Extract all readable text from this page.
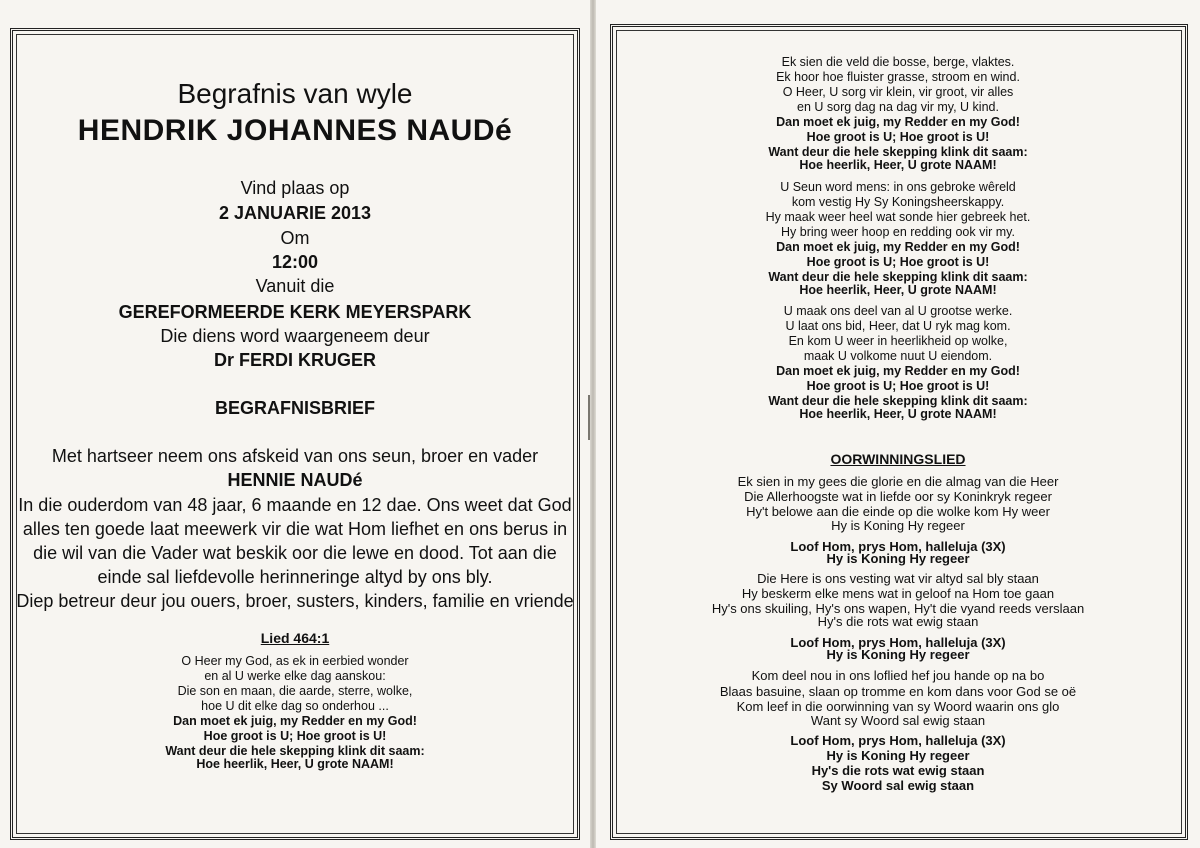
Begrafnis van wyle
HENDRIK JOHANNES NAUDé
Vind plaas op
2 JANUARIE 2013
Om
12:00
Vanuit die
GEREFORMEERDE KERK MEYERSPARK
Die diens word waargeneem deur
Dr FERDI KRUGER
BEGRAFNISBRIEF
Met hartseer neem ons afskeid van ons seun, broer en vader
HENNIE NAUDé
In die ouderdom van 48 jaar, 6 maande en 12 dae. Ons weet dat God
alles ten goede laat meewerk vir die wat Hom liefhet en ons berus in
die wil van die Vader wat beskik oor die lewe en dood. Tot aan die
einde sal liefdevolle herinneringe altyd by ons bly.
Diep betreur deur jou ouers, broer, susters, kinders, familie en vriende
Lied 464:1
O Heer my God, as ek in eerbied wonder
en al U werke elke dag aanskou:
Die son en maan, die aarde, sterre, wolke,
hoe U dit elke dag so onderhou ...
Dan moet ek juig, my Redder en my God!
Hoe groot is U; Hoe groot is U!
Want deur die hele skepping klink dit saam:
Hoe heerlik, Heer, U grote NAAM!
Ek sien die veld die bosse, berge, vlaktes.
Ek hoor hoe fluister grasse, stroom en wind.
O Heer, U sorg vir klein, vir groot, vir alles
en U sorg dag na dag vir my, U kind.
Dan moet ek juig, my Redder en my God!
Hoe groot is U; Hoe groot is U!
Want deur die hele skepping klink dit saam:
Hoe heerlik, Heer, U grote NAAM!
U Seun word mens: in ons gebroke wêreld
kom vestig Hy Sy Koningsheerskappy.
Hy maak weer heel wat sonde hier gebreek het.
Hy bring weer hoop en redding ook vir my.
Dan moet ek juig, my Redder en my God!
Hoe groot is U; Hoe groot is U!
Want deur die hele skepping klink dit saam:
Hoe heerlik, Heer, U grote NAAM!
U maak ons deel van al U grootse werke.
U laat ons bid, Heer, dat U ryk mag kom.
En kom U weer in heerlikheid op wolke,
maak U volkome nuut U eiendom.
Dan moet ek juig, my Redder en my God!
Hoe groot is U; Hoe groot is U!
Want deur die hele skepping klink dit saam:
Hoe heerlik, Heer, U grote NAAM!
OORWINNINGSLIED
Ek sien in my gees die glorie en die almag van die Heer
Die Allerhoogste wat in liefde oor sy Koninkryk regeer
Hy't belowe aan die einde op die wolke kom Hy weer
Hy is Koning Hy regeer
Loof Hom, prys Hom, halleluja (3X)
Hy is Koning Hy regeer
Die Here is ons vesting wat vir altyd sal bly staan
Hy beskerm elke mens wat in geloof na Hom toe gaan
Hy's ons skuiling, Hy's ons wapen, Hy't die vyand reeds verslaan
Hy's die rots wat ewig staan
Loof Hom, prys Hom, halleluja (3X)
Hy is Koning Hy regeer
Kom deel nou in ons loflied hef jou hande op na bo
Blaas basuine, slaan op tromme en kom dans voor God se oë
Kom leef in die oorwinning van sy Woord waarin ons glo
Want sy Woord sal ewig staan
Loof Hom, prys Hom, halleluja (3X)
Hy is Koning Hy regeer
Hy's die rots wat ewig staan
Sy Woord sal ewig staan
